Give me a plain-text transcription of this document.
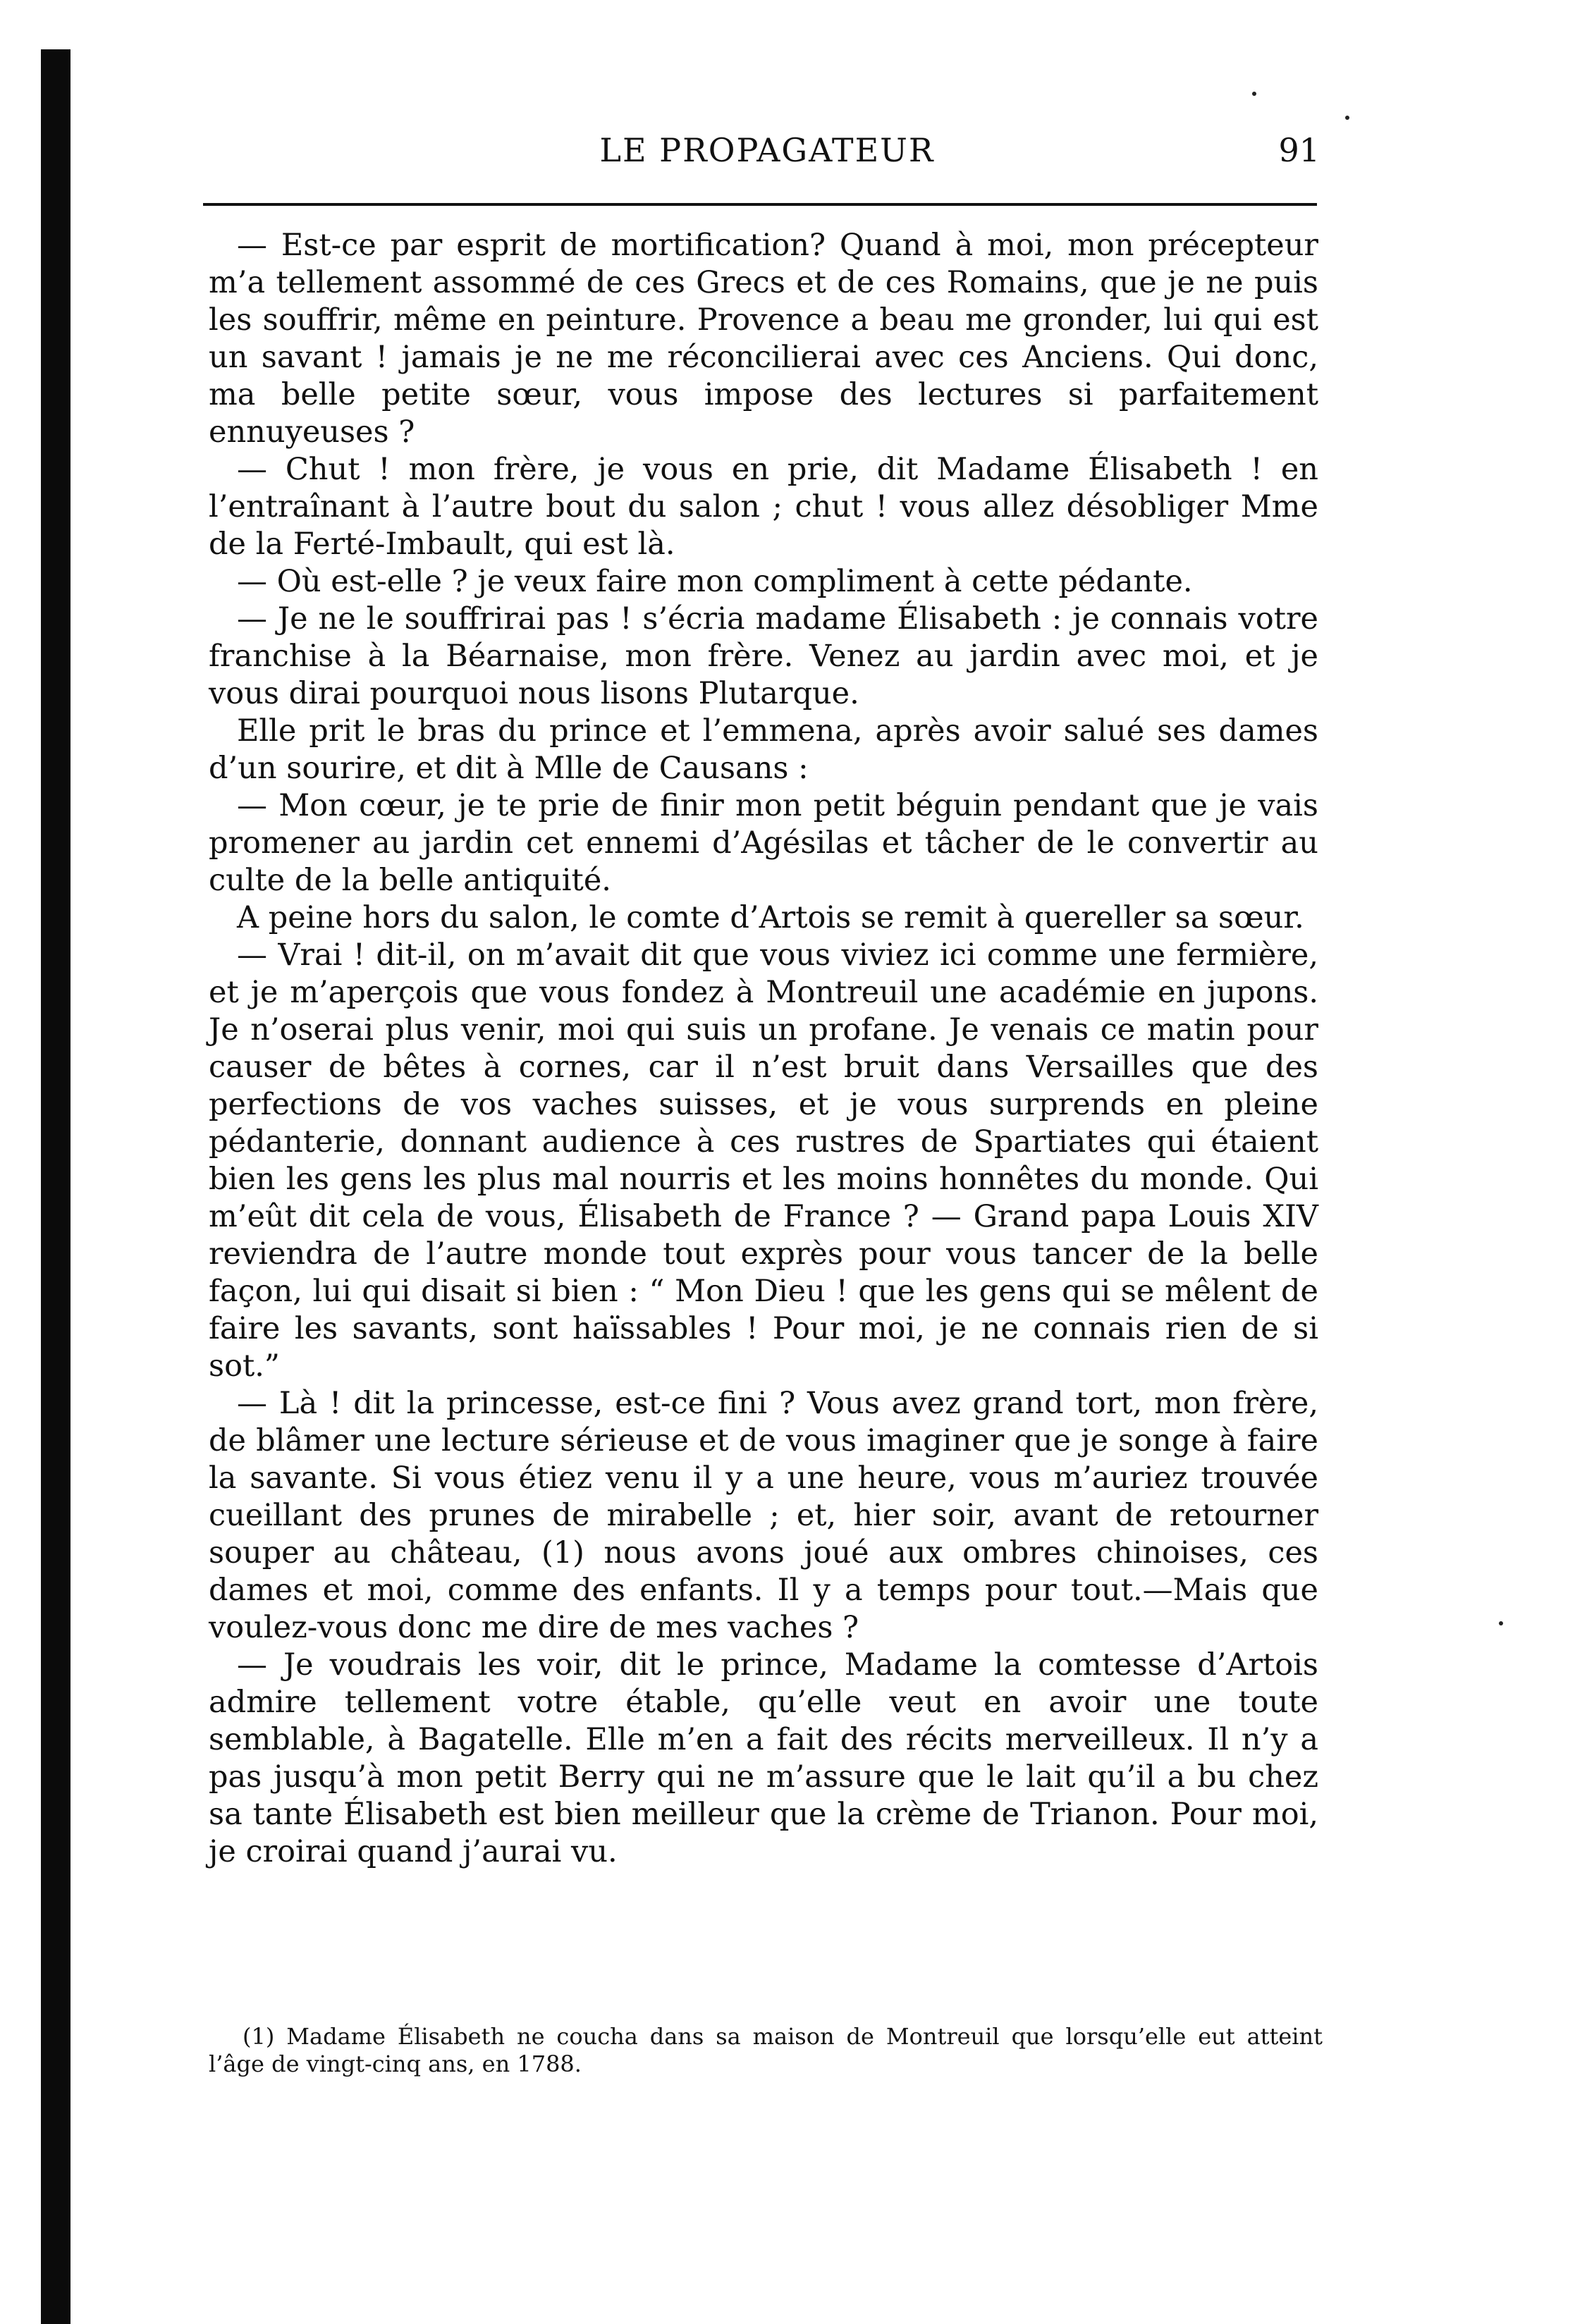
LE PROPAGATEUR	91

— Est-ce par esprit de mortification? Quand à moi, mon précepteur m’a tellement assommé de ces Grecs et de ces Romains, que je ne puis les souffrir, même en peinture. Provence a beau me gronder, lui qui est un savant ! jamais je ne me réconcilierai avec ces Anciens. Qui donc, ma belle petite sœur, vous impose des lectures si parfaitement ennuyeuses ?

— Chut ! mon frère, je vous en prie, dit Madame Élisabeth ! en l’entraînant à l’autre bout du salon ; chut ! vous allez désobliger Mme de la Ferté-Imbault, qui est là.

— Où est-elle ? je veux faire mon compliment à cette pédante.

— Je ne le souffrirai pas ! s’écria madame Élisabeth : je connais votre franchise à la Béarnaise, mon frère. Venez au jardin avec moi, et je vous dirai pourquoi nous lisons Plutarque.

Elle prit le bras du prince et l’emmena, après avoir salué ses dames d’un sourire, et dit à Mlle de Causans :

— Mon cœur, je te prie de finir mon petit béguin pendant que je vais promener au jardin cet ennemi d’Agésilas et tâcher de le convertir au culte de la belle antiquité.

A peine hors du salon, le comte d’Artois se remit à quereller sa sœur.

— Vrai ! dit-il, on m’avait dit que vous viviez ici comme une fermière, et je m’aperçois que vous fondez à Montreuil une académie en jupons. Je n’oserai plus venir, moi qui suis un profane. Je venais ce matin pour causer de bêtes à cornes, car il n’est bruit dans Versailles que des perfections de vos vaches suisses, et je vous surprends en pleine pédanterie, donnant audience à ces rustres de Spartiates qui étaient bien les gens les plus mal nourris et les moins honnêtes du monde. Qui m’eût dit cela de vous, Élisabeth de France ? — Grand papa Louis XIV reviendra de l’autre monde tout exprès pour vous tancer de la belle façon, lui qui disait si bien : “ Mon Dieu ! que les gens qui se mêlent de faire les savants, sont haïssables ! Pour moi, je ne connais rien de si sot.”

— Là ! dit la princesse, est-ce fini ? Vous avez grand tort, mon frère, de blâmer une lecture sérieuse et de vous imaginer que je songe à faire la savante. Si vous étiez venu il y a une heure, vous m’auriez trouvée cueillant des prunes de mirabelle ; et, hier soir, avant de retourner souper au château, (1) nous avons joué aux ombres chinoises, ces dames et moi, comme des enfants. Il y a temps pour tout.—Mais que voulez-vous donc me dire de mes vaches ?

— Je voudrais les voir, dit le prince, Madame la comtesse d’Artois admire tellement votre étable, qu’elle veut en avoir une toute semblable, à Bagatelle. Elle m’en a fait des récits merveilleux. Il n’y a pas jusqu’à mon petit Berry qui ne m’assure que le lait qu’il a bu chez sa tante Élisabeth est bien meilleur que la crème de Trianon. Pour moi, je croirai quand j’aurai vu.

(1) Madame Élisabeth ne coucha dans sa maison de Montreuil que lorsqu’elle eut atteint l’âge de vingt-cinq ans, en 1788.
